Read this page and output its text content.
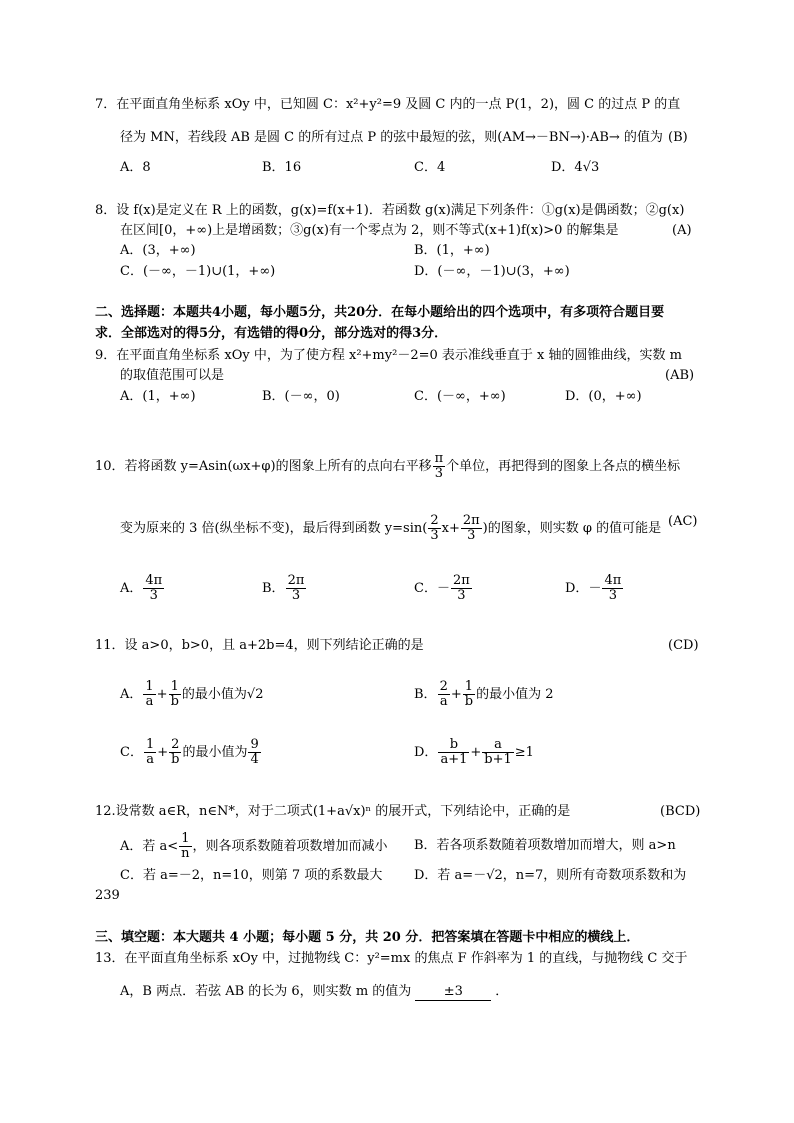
7．在平面直角坐标系 xOy 中，已知圆 C：x²+y²=9 及圆 C 内的一点 P(1，2)，圆 C 的过点 P 的直
径为 MN，若线段 AB 是圆 C 的所有过点 P 的弦中最短的弦，则(AM→－BN→)·AB→ 的值为 (B)
A．8	B．16	C．4	D．4√3
8．设 f(x)是定义在 R 上的函数，g(x)=f(x+1)．若函数 g(x)满足下列条件：①g(x)是偶函数；②g(x)
在区间[0，+∞)上是增函数；③g(x)有一个零点为 2，则不等式(x+1)f(x)>0 的解集是	(A)
A．(3，+∞)	B．(1，+∞)
C．(－∞，－1)∪(1，+∞)	D．(－∞，－1)∪(3，+∞)
二、选择题：本题共4小题，每小题5分，共20分．在每小题给出的四个选项中，有多项符合题目要
求．全部选对的得5分，有选错的得0分，部分选对的得3分．
9．在平面直角坐标系 xOy 中，为了使方程 x²+my²－2=0 表示准线垂直于 x 轴的圆锥曲线，实数 m
的取值范围可以是	(AB)
A．(1，+∞)	B．(－∞，0)	C．(－∞，+∞)	D．(0，+∞)
10．若将函数 y=Asin(ωx+φ)的图象上所有的点向右平移 $\frac{\pi}{3}$ 个单位，再把得到的图象上各点的横坐标
变为原来的 3 倍(纵坐标不变)，最后得到函数 $y=\sin( \frac{2}{3} x+ \frac{2\pi}{3}$ )的图象，则实数 φ 的值可能是 (AC)
A． $\frac{4\pi}{3}$	B． $\frac{2\pi}{3}$	C．－ $\frac{2\pi}{3}$	D．－ $\frac{4\pi}{3}$
11．设 a>0，b>0，且 a+2b=4，则下列结论正确的是	(CD)
A． $\frac{1}{a} + \frac{1}{b}$ 的最小值为√2	B． $\frac{2}{a} + \frac{1}{b}$ 的最小值为 2
C． $\frac{1}{a} + \frac{2}{b}$ 的最小值为 $\frac{9}{4}$	D． $\frac{b}{a+1} + \frac{a}{b+1} \ge 1$
12.设常数 a∈R，n∈N*，对于二项式(1+a√x)ⁿ 的展开式，下列结论中，正确的是	(BCD)
A．若 $a< \frac{1}{n}$ ，则各项系数随着项数增加而减小 B．若各项系数随着项数增加而增大，则 a>n
C．若 a=－2，n=10，则第 7 项的系数最大 D．若 a=－√2，n=7，则所有奇数项系数和为
239
三、填空题：本大题共 4 小题；每小题 5 分，共 20 分．把答案填在答题卡中相应的横线上．
13．在平面直角坐标系 xOy 中，过抛物线 C：y²=mx 的焦点 F 作斜率为 1 的直线，与抛物线 C 交于
A，B 两点．若弦 AB 的长为 6，则实数 m 的值为 ±3 ．
